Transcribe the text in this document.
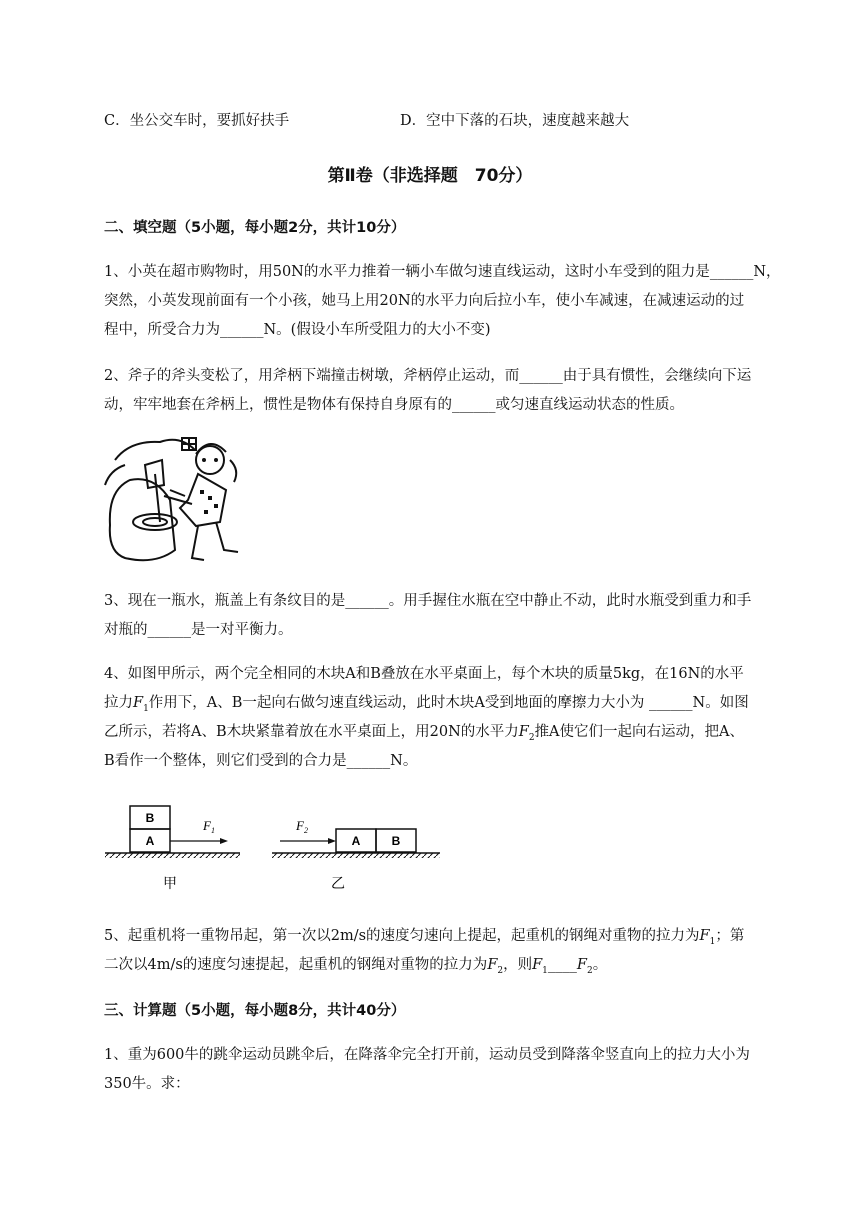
C．坐公交车时，要抓好扶手	D．空中下落的石块，速度越来越大
第Ⅱ卷（非选择题　70分）
二、填空题（5小题，每小题2分，共计10分）
1、小英在超市购物时，用50N的水平力推着一辆小车做匀速直线运动，这时小车受到的阻力是______N，
突然，小英发现前面有一个小孩，她马上用20N的水平力向后拉小车，使小车减速，在减速运动的过
程中，所受合力为______N。(假设小车所受阻力的大小不变)
2、斧子的斧头变松了，用斧柄下端撞击树墩，斧柄停止运动，而______由于具有惯性，会继续向下运
动，牢牢地套在斧柄上，惯性是物体有保持自身原有的______或匀速直线运动状态的性质。
3、现在一瓶水，瓶盖上有条纹目的是______。用手握住水瓶在空中静止不动，此时水瓶受到重力和手
对瓶的______是一对平衡力。
4、如图甲所示，两个完全相同的木块A和B叠放在水平桌面上，每个木块的质量5kg，在16N的水平
拉力$F_1$作用下，A、B一起向右做匀速直线运动，此时木块A受到地面的摩擦力大小为 ______N。如图
乙所示，若将A、B木块紧靠着放在水平桌面上，用20N的水平力$F_2$推A使它们一起向右运动，把A、
B看作一个整体，则它们受到的合力是______N。
B
A
$F_1$
甲
$F_2$
A	B
乙
5、起重机将一重物吊起，第一次以2m/s的速度匀速向上提起，起重机的钢绳对重物的拉力为$F_1$；第
二次以4m/s的速度匀速提起，起重机的钢绳对重物的拉力为$F_2$，则$F_1\_\_\_\_F_2$。
三、计算题（5小题，每小题8分，共计40分）
1、重为600牛的跳伞运动员跳伞后，在降落伞完全打开前，运动员受到降落伞竖直向上的拉力大小为
350牛。求：
